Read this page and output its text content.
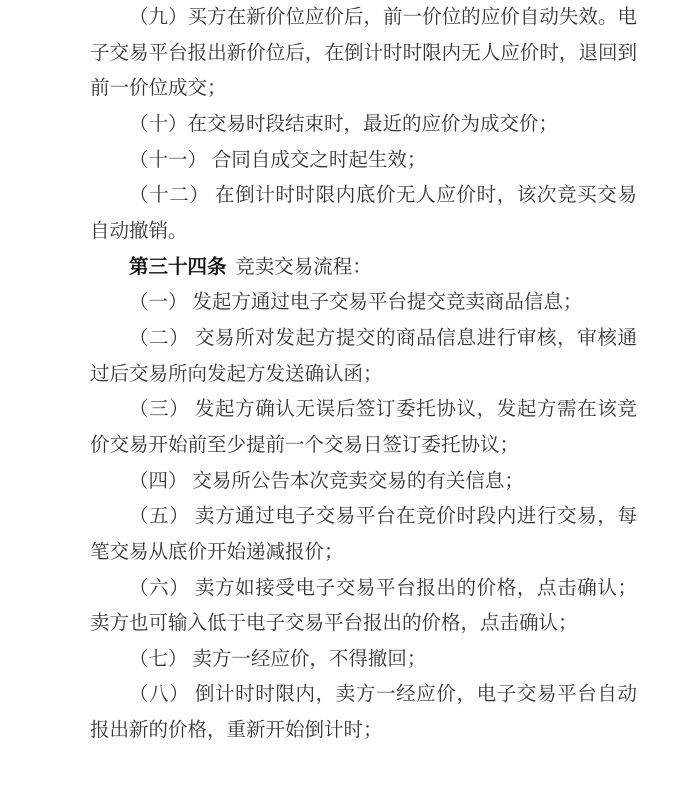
（九）买方在新价位应价后，前一价位的应价自动失效。电子交易平台报出新价位后，在倒计时时限内无人应价时，退回到前一价位成交；

（十）在交易时段结束时，最近的应价为成交价；

（十一） 合同自成交之时起生效；

（十二） 在倒计时时限内底价无人应价时，该次竞买交易自动撤销。

第三十四条 竞卖交易流程：

（一） 发起方通过电子交易平台提交竞卖商品信息；

（二） 交易所对发起方提交的商品信息进行审核，审核通过后交易所向发起方发送确认函；

（三） 发起方确认无误后签订委托协议，发起方需在该竞价交易开始前至少提前一个交易日签订委托协议；

（四） 交易所公告本次竞卖交易的有关信息；

（五） 卖方通过电子交易平台在竞价时段内进行交易，每笔交易从底价开始递减报价；

（六） 卖方如接受电子交易平台报出的价格，点击确认；卖方也可输入低于电子交易平台报出的价格，点击确认；

（七） 卖方一经应价，不得撤回；

（八） 倒计时时限内，卖方一经应价，电子交易平台自动报出新的价格，重新开始倒计时；
